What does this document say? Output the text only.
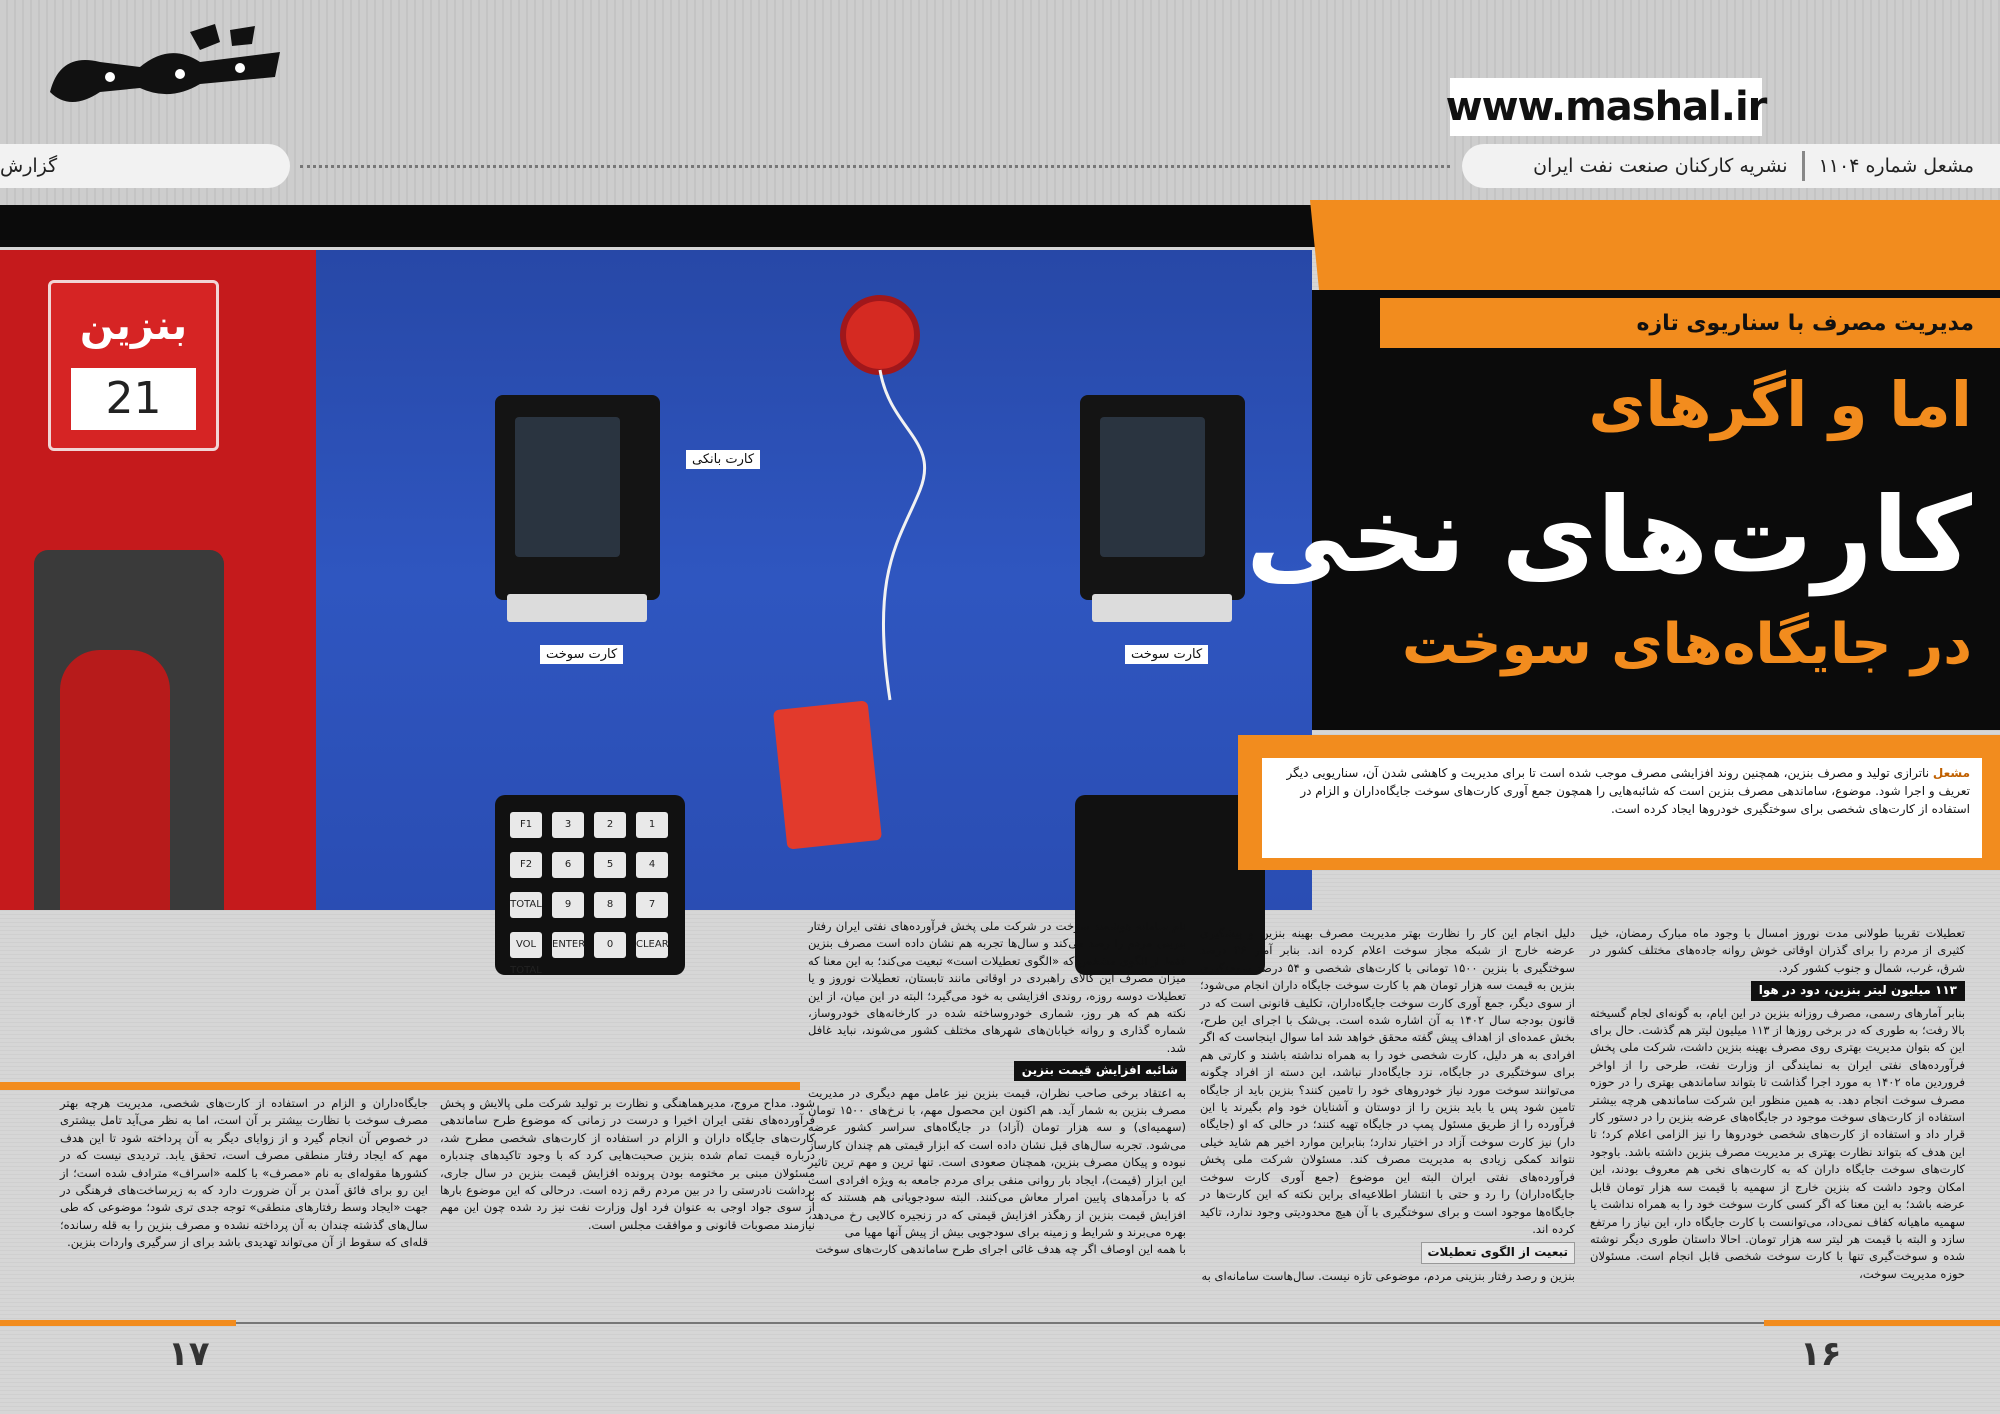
www.mashal.ir
گزارش	مشعل شماره ۱۱۰۴
نشریه کارکنان صنعت نفت ایران
بنزین
21
کارت بانکی
کارت سوخت	کارت سوخت
F1	3	2	1
F2	6	5	4
TOTAL	9	8	7
VOL TOTAL
ENTER	0	CLEAR
مدیریت مصرف با سناریوی تازه
اما و اگرهای
کارت‌های نخی
در جایگاه‌های سوخت
مشعل ناترازی تولید و مصرف بنزین، همچنین روند افزایشی مصرف موجب شده است تا برای مدیریت و کاهشی شدن آن، سناریویی دیگر تعریف و اجرا شود. موضوع، ساماندهی مصرف بنزین است که شائبه‌هایی را همچون جمع آوری کارت‌های سوخت جایگاه‌داران و الزام در استفاده از کارت‌های شخصی برای سوختگیری خودروها ایجاد کرده است.

تعطیلات تقریبا طولانی مدت نوروز امسال با وجود ماه مبارک رمضان، خیل کثیری از مردم را برای گذران اوقاتی خوش روانه جاده‌های مختلف کشور در شرق، غرب، شمال و جنوب کشور کرد.

۱۱۳ میلیون لیتر بنزین، دود در هوا

بنابر آمارهای رسمی، مصرف روزانه بنزین در این ایام، به گونه‌ای لجام گسیخته بالا رفت؛ به طوری که در برخی روزها از ۱۱۳ میلیون لیتر هم گذشت. حال برای این که بتوان مدیریت بهتری روی مصرف بهینه بنزین داشت، شرکت ملی پخش فرآورده‌های نفتی ایران به نمایندگی از وزارت نفت، طرحی را از اواخر فروردین ماه ۱۴۰۲ به مورد اجرا گذاشت تا بتواند ساماندهی بهتری را در حوزه مصرف سوخت انجام دهد. به همین منظور این شرکت ساماندهی هرچه بیشتر استفاده از کارت‌های سوخت موجود در جایگاه‌های عرضه بنزین را در دستور کار قرار داد و استفاده از کارت‌های شخصی خودروها را نیز الزامی اعلام کرد؛ تا این هدف که بتواند نظارت بهتری بر مدیریت مصرف بنزین داشته باشد. باوجود کارت‌های سوخت جایگاه داران که به کارت‌های نخی هم معروف بودند، این امکان وجود داشت که بنزین خارج از سهمیه با قیمت سه هزار تومان قابل عرضه باشد؛ به این معنا که اگر کسی کارت سوخت خود را به همراه نداشت یا سهمیه ماهیانه کفاف نمی‌داد، می‌توانست با کارت جایگاه دار، این نیاز را مرتفع سازد و البته با قیمت هر لیتر سه هزار تومان. احالا داستان طوری دیگر نوشته شده و سوخت‌گیری تنها با کارت سوخت شخصی قابل انجام است. مسئولان حوزه مدیریت سوخت،

دلیل انجام این کار را نظارت بهتر مدیریت مصرف بهینه بنزین و پیشگیری عرضه خارج از شبکه مجاز سوخت اعلام کرده اند. بنابر آمار ۴۶ درصد سوختگیری با بنزین ۱۵۰۰ تومانی با کارت‌های شخصی و ۵۴ درصد سوختگیری بنزین به قیمت سه هزار تومان هم با کارت سوخت جایگاه داران انجام می‌شود؛ از سوی دیگر، جمع آوری کارت سوخت جایگاه‌داران، تکلیف قانونی است که در قانون بودجه سال ۱۴۰۲ به آن اشاره شده است. بی‌شک با اجرای این طرح، بخش عمده‌ای از اهداف پیش گفته محقق خواهد شد اما سوال اینجاست که اگر افرادی به هر دلیل، کارت شخصی خود را به همراه نداشته باشند و کارتی هم برای سوختگیری در جایگاه، نزد جایگاه‌دار نباشد، این دسته از افراد چگونه می‌توانند سوخت مورد نیاز خودروهای خود را تامین کنند؟ بنزین باید از جایگاه تامین شود پس یا باید بنزین را از دوستان و آشنایان خود وام بگیرند یا این فرآورده را از طریق مسئول پمپ در جایگاه تهیه کنند؛ در حالی که او (جایگاه دار) نیز کارت سوخت آزاد در اختیار ندارد؛ بنابراین موارد اخیر هم شاید خیلی نتواند کمکی زیادی به مدیریت مصرف کند. مسئولان شرکت ملی پخش فرآورده‌های نفتی ایران البته این موضوع (جمع آوری کارت سوخت جایگاه‌داران) را رد و حتی با انتشار اطلاعیه‌ای براین نکته که این کارت‌ها در جایگاه‌ها موجود است و برای سوختگیری با آن هیچ محدودیتی وجود ندارد، تاکید کرده اند.

تبعیت از الگوی تعطیلات

بنزین و رصد رفتار بنزینی مردم، موضوعی تازه نیست. سال‌هاست سامانه‌ای به

نام سامانه هوشمند سوخت در شرکت ملی پخش فرآورده‌های نفتی ایران رفتار بنزینی مردم را رصد می‌کند و سال‌ها تجربه هم نشان داده است مصرف بنزین فقط از الگوی مشخص که «الگوی تعطیلات است» تبعیت می‌کند؛ به این معنا که میزان مصرف این کالای راهبردی در اوقاتی مانند تابستان، تعطیلات نوروز و یا تعطیلات دوسه روزه، روندی افزایشی به خود می‌گیرد؛ البته در این میان، از این نکته هم که هر روز، شماری خودروساخته شده در کارخانه‌های خودروساز، شماره گذاری و روانه خیابان‌های شهرهای مختلف کشور می‌شوند، نباید غافل شد.

شائبه افزایش قیمت بنزین

به اعتقاد برخی صاحب نظران، قیمت بنزین نیز عامل مهم دیگری در مدیریت مصرف بنزین به شمار آید. هم اکنون این محصول مهم، با نرخ‌های ۱۵۰۰ تومان (سهمیه‌ای) و سه هزار تومان (آزاد) در جایگاه‌های سراسر کشور عرضه می‌شود. تجربه سال‌های قبل نشان داده است که ابزار قیمتی هم چندان کارساز نبوده و پیکان مصرف بنزین، همچنان صعودی است. تنها ترین و مهم ترین تاثیر این ابزار (قیمت)، ایجاد بار روانی منفی برای مردم جامعه به ویژه افرادی است که با درآمدهای پایین امرار معاش می‌کنند. البته سودجویانی هم هستند که با افزایش قیمت بنزین از رهگذر افزایش قیمتی که در زنجیره کالایی رخ می‌دهد، بهره می‌برند و شرایط و زمینه برای سودجویی بیش از پیش آنها مهیا می

با همه این اوصاف اگر چه هدف غائی اجرای طرح ساماندهی کارت‌های سوخت

شود. مداح مروج، مدیرهماهنگی و نظارت بر تولید شرکت ملی پالایش و پخش فرآورده‌های نفتی ایران اخیرا و درست در زمانی که موضوع طرح ساماندهی کارت‌های جایگاه داران و الزام در استفاده از کارت‌های شخصی مطرح شد، درباره قیمت تمام شده بنزین صحبت‌هایی کرد که با وجود تاکیدهای چندباره مسئولان مبنی بر مختومه بودن پرونده افزایش قیمت بنزین در سال جاری، برداشت نادرستی را در بین مردم رقم زده است. درحالی که این موضوع بارها از سوی جواد اوجی به عنوان فرد اول وزارت نفت نیز رد شده چون این مهم نیازمند مصوبات قانونی و موافقت مجلس است.

جایگاه‌داران و الزام در استفاده از کارت‌های شخصی، مدیریت هرچه بهتر مصرف سوخت با نظارت بیشتر بر آن است، اما به نظر می‌آید تامل بیشتری در خصوص آن انجام گیرد و از زوایای دیگر به آن پرداخته شود تا این هدف مهم که ایجاد رفتار منطقی مصرف است، تحقق یابد. تردیدی نیست که در کشورها مقوله‌ای به نام «مصرف» با کلمه «اسراف» مترادف شده است؛ از این رو برای فائق آمدن بر آن ضرورت دارد که به زیرساخت‌های فرهنگی در جهت «ایجاد وسط رفتارهای منطقی» توجه جدی تری شود؛ موضوعی که طی سال‌های گذشته چندان به آن پرداخته نشده و مصرف بنزین را به قله رسانده؛ قله‌ای که سقوط از آن می‌تواند تهدیدی باشد برای از سرگیری واردات بنزین.

۱۶
۱۷
